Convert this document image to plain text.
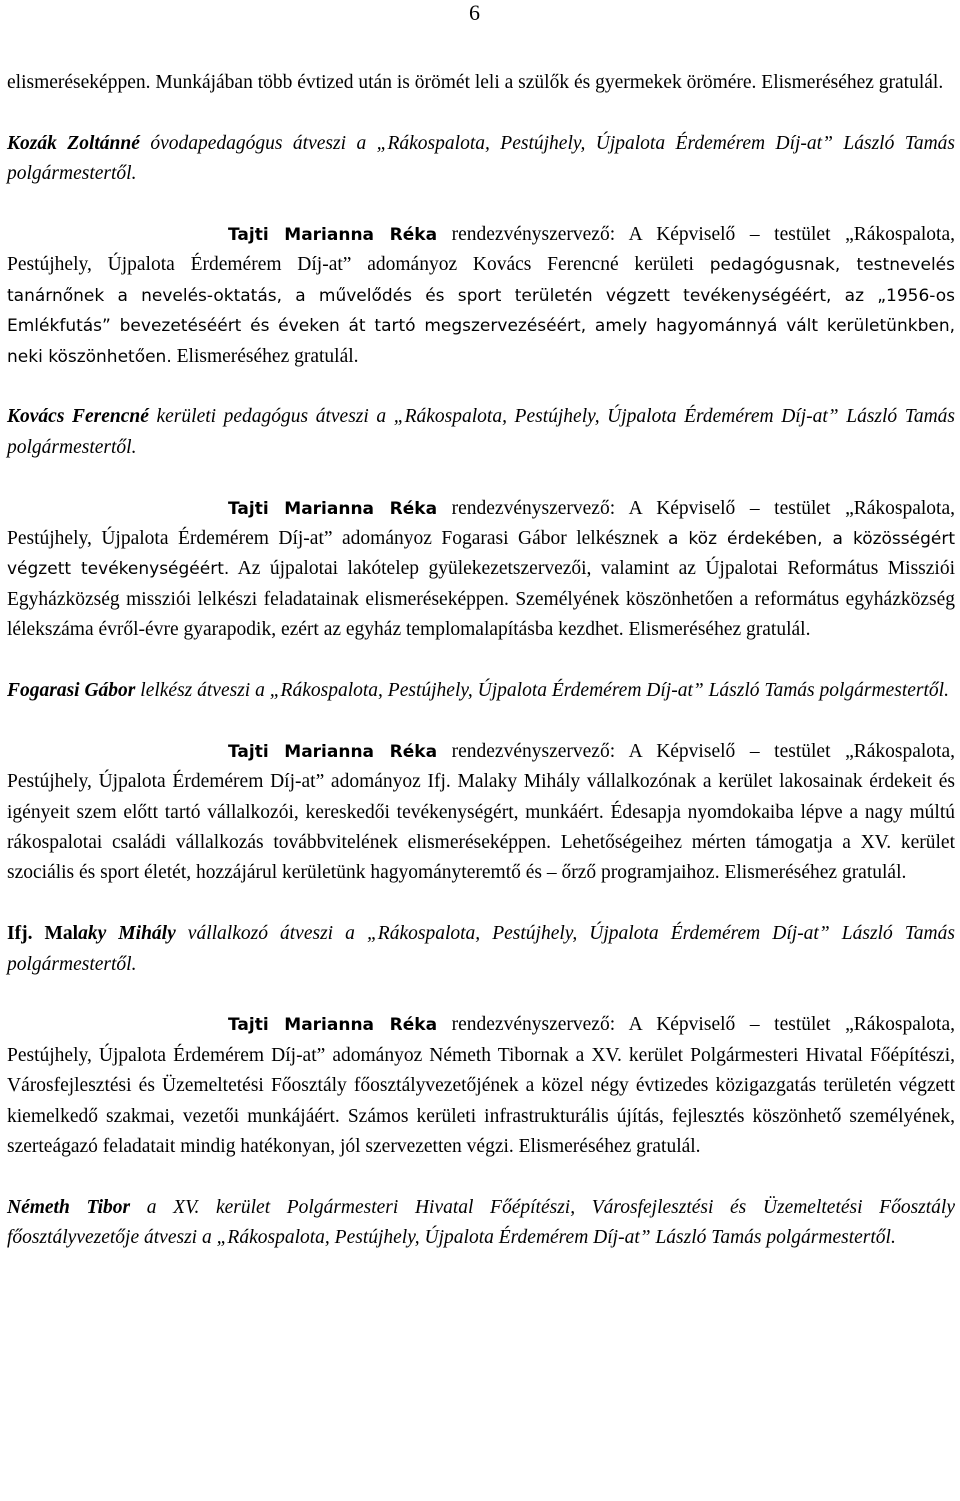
6

elismeréseképpen. Munkájában több évtized után is örömét leli a szülők és gyermekek örömére. Elismeréséhez gratulál.

Kozák Zoltánné óvodapedagógus átveszi a „Rákospalota, Pestújhely, Újpalota Érdemérem Díj-at” László Tamás polgármestertől.

Tajti Marianna Réka rendezvényszervező: A Képviselő – testület „Rákospalota, Pestújhely, Újpalota Érdemérem Díj-at” adományoz Kovács Ferencné kerületi pedagógusnak, testnevelés tanárnőnek a nevelés-oktatás, a művelődés és sport területén végzett tevékenységéért, az „1956-os Emlékfutás” bevezetéséért és éveken át tartó megszervezéséért, amely hagyománnyá vált kerületünkben, neki köszönhetően. Elismeréséhez gratulál.

Kovács Ferencné kerületi pedagógus átveszi a „Rákospalota, Pestújhely, Újpalota Érdemérem Díj-at” László Tamás polgármestertől.

Tajti Marianna Réka rendezvényszervező: A Képviselő – testület „Rákospalota, Pestújhely, Újpalota Érdemérem Díj-at” adományoz Fogarasi Gábor lelkésznek a köz érdekében, a közösségért végzett tevékenységéért. Az újpalotai lakótelep gyülekezetszervezői, valamint az Újpalotai Református Missziói Egyházközség missziói lelkészi feladatainak elismeréseképpen. Személyének köszönhetően a református egyházközség lélekszáma évről-évre gyarapodik, ezért az egyház templomalapításba kezdhet. Elismeréséhez gratulál.

Fogarasi Gábor lelkész átveszi a „Rákospalota, Pestújhely, Újpalota Érdemérem Díj-at” László Tamás polgármestertől.

Tajti Marianna Réka rendezvényszervező: A Képviselő – testület „Rákospalota, Pestújhely, Újpalota Érdemérem Díj-at” adományoz Ifj. Malaky Mihály vállalkozónak a kerület lakosainak érdekeit és igényeit szem előtt tartó vállalkozói, kereskedői tevékenységért, munkáért. Édesapja nyomdokaiba lépve a nagy múltú rákospalotai családi vállalkozás továbbvitelének elismeréseképpen. Lehetőségeihez mérten támogatja a XV. kerület szociális és sport életét, hozzájárul kerületünk hagyományteremtő és – őrző programjaihoz. Elismeréséhez gratulál.

Ifj. Malaky Mihály vállalkozó átveszi a „Rákospalota, Pestújhely, Újpalota Érdemérem Díj-at” László Tamás polgármestertől.

Tajti Marianna Réka rendezvényszervező: A Képviselő – testület „Rákospalota, Pestújhely, Újpalota Érdemérem Díj-at” adományoz Németh Tibornak a XV. kerület Polgármesteri Hivatal Főépítészi, Városfejlesztési és Üzemeltetési Főosztály főosztályvezetőjének a közel négy évtizedes közigazgatás területén végzett kiemelkedő szakmai, vezetői munkájáért. Számos kerületi infrastrukturális újítás, fejlesztés köszönhető személyének, szerteágazó feladatait mindig hatékonyan, jól szervezetten végzi. Elismeréséhez gratulál.

Németh Tibor a XV. kerület Polgármesteri Hivatal Főépítészi, Városfejlesztési és Üzemeltetési Főosztály főosztályvezetője átveszi a „Rákospalota, Pestújhely, Újpalota Érdemérem Díj-at” László Tamás polgármestertől.
